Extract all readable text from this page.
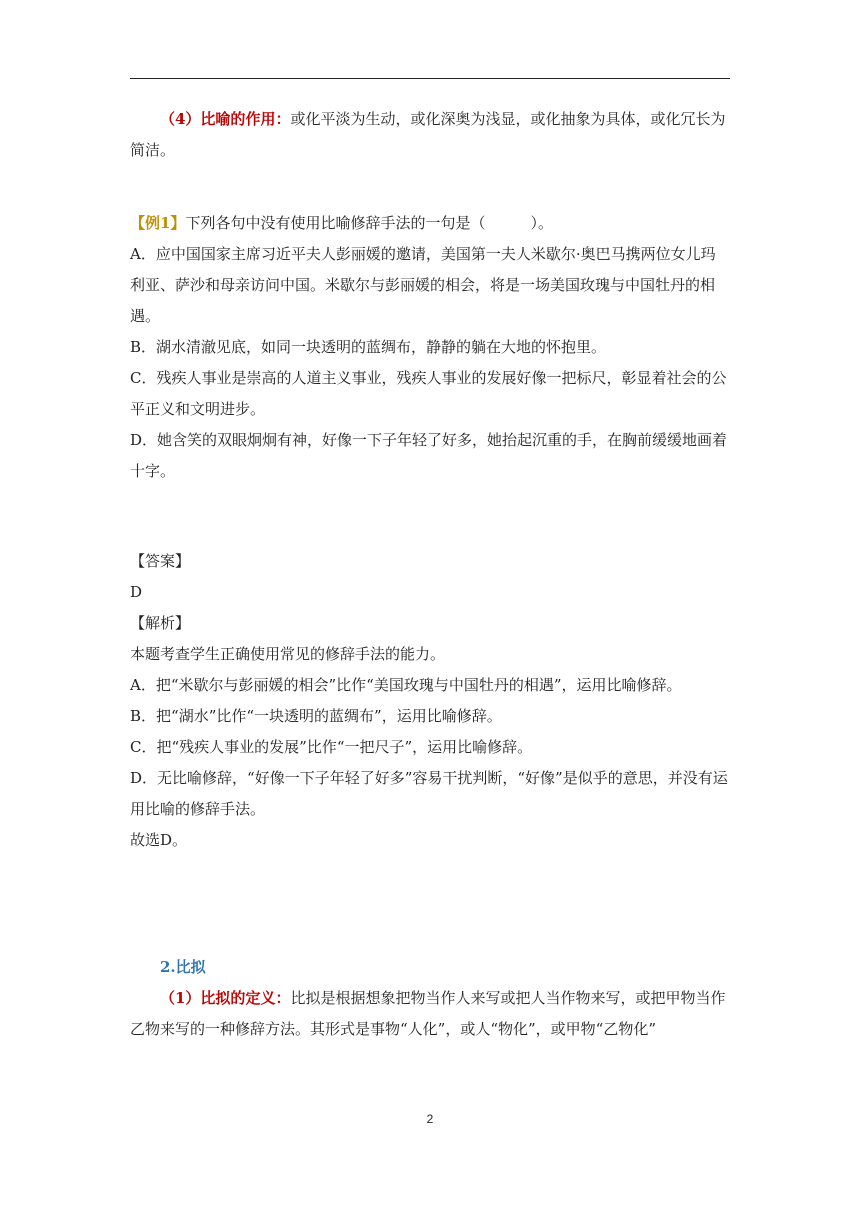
（4）比喻的作用：或化平淡为生动，或化深奥为浅显，或化抽象为具体，或化冗长为简洁。

【例1】下列各句中没有使用比喻修辞手法的一句是（　　　）。

A．应中国国家主席习近平夫人彭丽媛的邀请，美国第一夫人米歇尔·奥巴马携两位女儿玛利亚、萨沙和母亲访问中国。米歇尔与彭丽媛的相会，将是一场美国玫瑰与中国牡丹的相遇。

B．湖水清澈见底，如同一块透明的蓝绸布，静静的躺在大地的怀抱里。

C．残疾人事业是崇高的人道主义事业，残疾人事业的发展好像一把标尺，彰显着社会的公平正义和文明进步。

D．她含笑的双眼炯炯有神，好像一下子年轻了好多，她抬起沉重的手，在胸前缓缓地画着十字。

【答案】

D

【解析】

本题考查学生正确使用常见的修辞手法的能力。

A．把“米歇尔与彭丽媛的相会”比作“美国玫瑰与中国牡丹的相遇”，运用比喻修辞。

B．把“湖水”比作“一块透明的蓝绸布”，运用比喻修辞。

C．把“残疾人事业的发展”比作“一把尺子”，运用比喻修辞。

D．无比喻修辞，“好像一下子年轻了好多”容易干扰判断，“好像”是似乎的意思，并没有运用比喻的修辞手法。

故选D。

2.比拟
（1）比拟的定义：比拟是根据想象把物当作人来写或把人当作物来写，或把甲物当作乙物来写的一种修辞方法。其形式是事物“人化”，或人“物化”，或甲物“乙物化”
2
